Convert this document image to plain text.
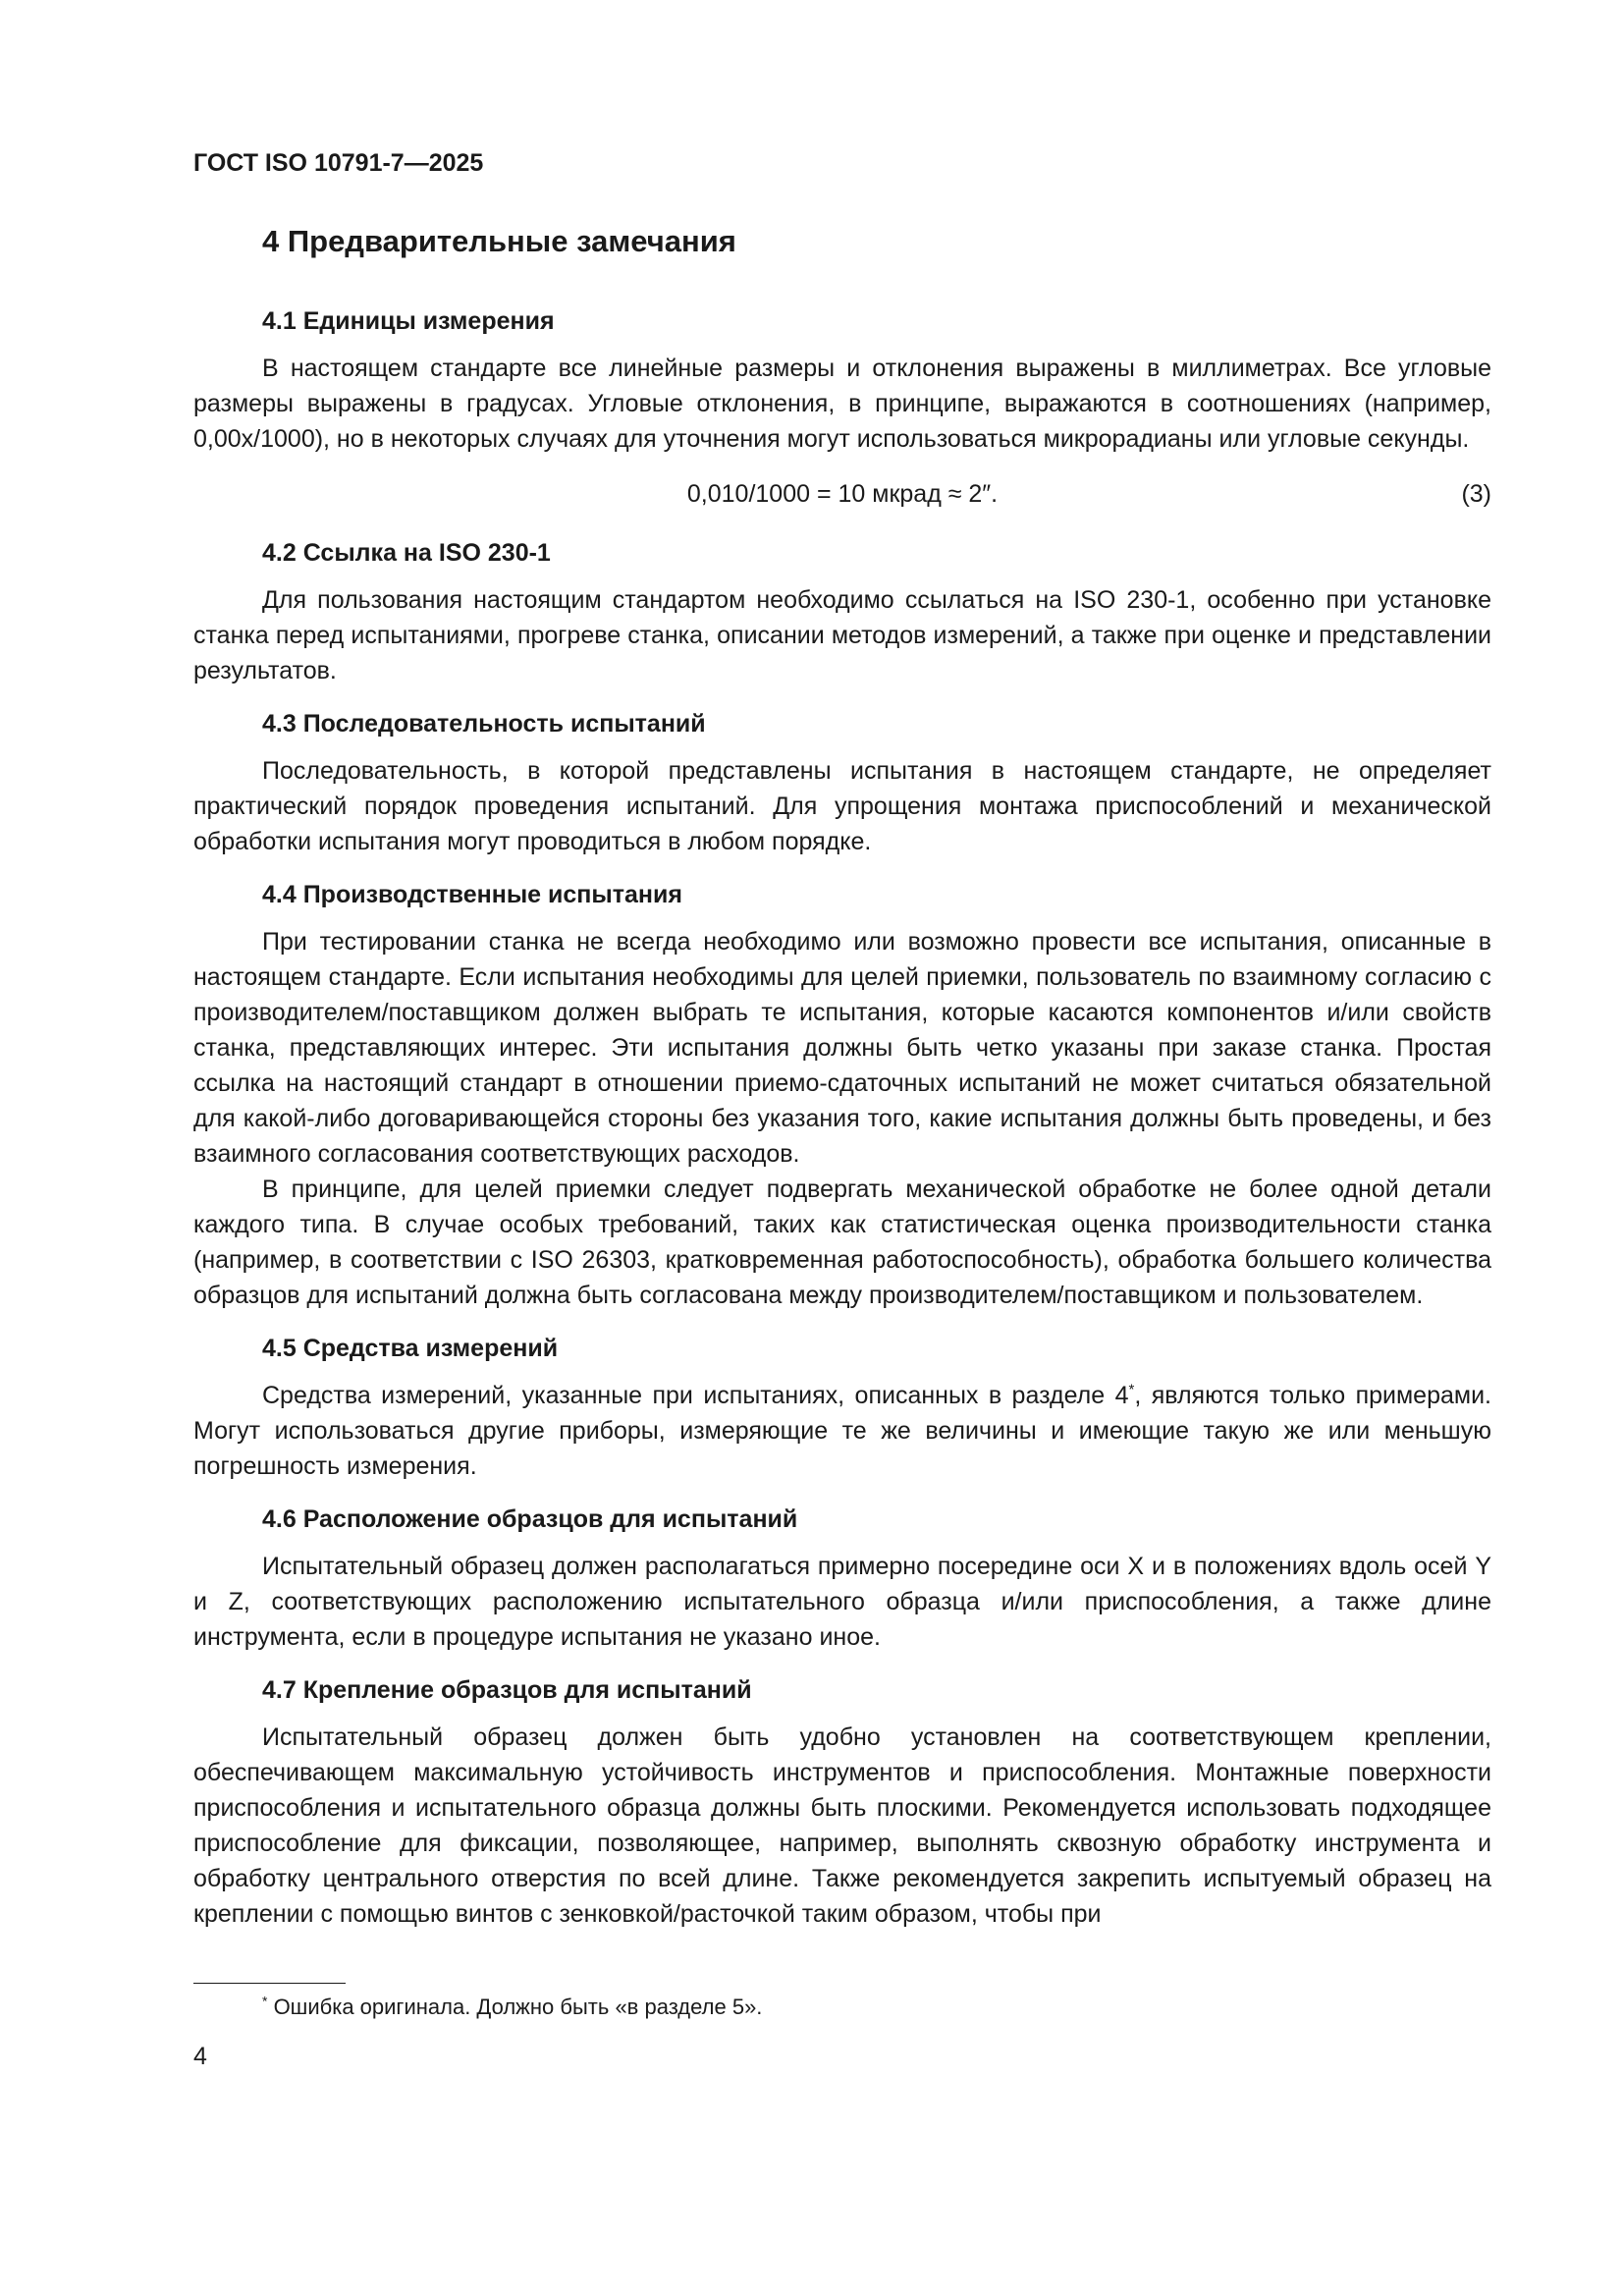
ГОСТ ISO 10791-7—2025

4 Предварительные замечания
4.1 Единицы измерения

В настоящем стандарте все линейные размеры и отклонения выражены в миллиметрах. Все угловые размеры выражены в градусах. Угловые отклонения, в принципе, выражаются в соотношениях (например, 0,00x/1000), но в некоторых случаях для уточнения могут использоваться микрорадианы или угловые секунды.

0,010/1000 = 10 мкрад ≈ 2″.	(3)
4.2 Ссылка на ISO 230-1

Для пользования настоящим стандартом необходимо ссылаться на ISO 230-1, особенно при установке станка перед испытаниями, прогреве станка, описании методов измерений, а также при оценке и представлении результатов.

4.3 Последовательность испытаний

Последовательность, в которой представлены испытания в настоящем стандарте, не определяет практический порядок проведения испытаний. Для упрощения монтажа приспособлений и механической обработки испытания могут проводиться в любом порядке.

4.4 Производственные испытания

При тестировании станка не всегда необходимо или возможно провести все испытания, описанные в настоящем стандарте. Если испытания необходимы для целей приемки, пользователь по взаимному согласию с производителем/поставщиком должен выбрать те испытания, которые касаются компонентов и/или свойств станка, представляющих интерес. Эти испытания должны быть четко указаны при заказе станка. Простая ссылка на настоящий стандарт в отношении приемо-сдаточных испытаний не может считаться обязательной для какой-либо договаривающейся стороны без указания того, какие испытания должны быть проведены, и без взаимного согласования соответствующих расходов.

В принципе, для целей приемки следует подвергать механической обработке не более одной детали каждого типа. В случае особых требований, таких как статистическая оценка производительности станка (например, в соответствии с ISO 26303, кратковременная работоспособность), обработка большего количества образцов для испытаний должна быть согласована между производителем/поставщиком и пользователем.

4.5 Средства измерений

Средства измерений, указанные при испытаниях, описанных в разделе 4*, являются только примерами. Могут использоваться другие приборы, измеряющие те же величины и имеющие такую же или меньшую погрешность измерения.

4.6 Расположение образцов для испытаний

Испытательный образец должен располагаться примерно посередине оси X и в положениях вдоль осей Y и Z, соответствующих расположению испытательного образца и/или приспособления, а также длине инструмента, если в процедуре испытания не указано иное.

4.7 Крепление образцов для испытаний

Испытательный образец должен быть удобно установлен на соответствующем креплении, обеспечивающем максимальную устойчивость инструментов и приспособления. Монтажные поверхности приспособления и испытательного образца должны быть плоскими. Рекомендуется использовать подходящее приспособление для фиксации, позволяющее, например, выполнять сквозную обработку инструмента и обработку центрального отверстия по всей длине. Также рекомендуется закрепить испытуемый образец на креплении с помощью винтов с зенковкой/расточкой таким образом, чтобы при

* Ошибка оригинала. Должно быть «в разделе 5».

4
